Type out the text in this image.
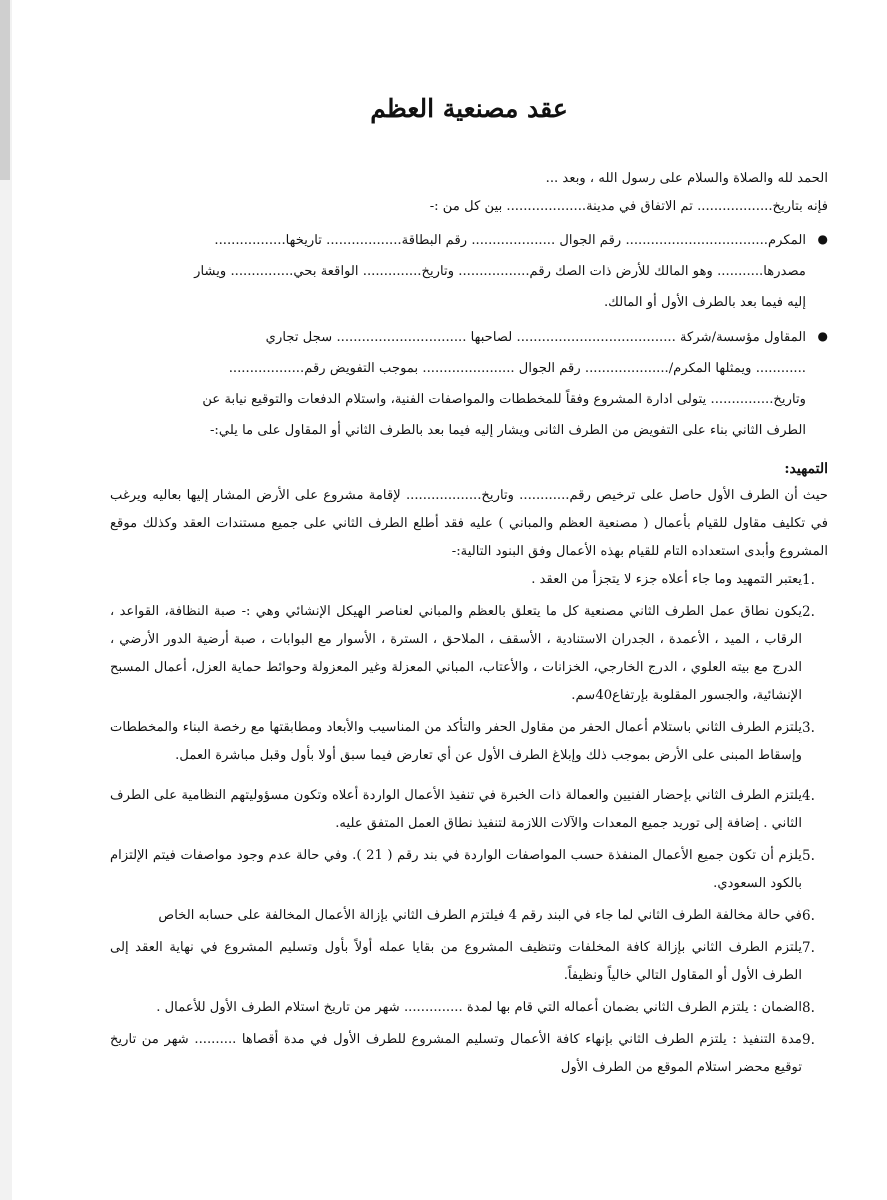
عقد مصنعية العظم

الحمد لله والصلاة والسلام على رسول الله ، وبعد ...

فإنه بتاريخ.................. تم الاتفاق في مدينة................... بين كل من :-

●
المكرم.................................. رقم الجوال .................... رقم البطاقة.................. تاريخها.................
مصدرها........... وهو المالك للأرض ذات الصك رقم................. وتاريخ.............. الواقعة بحي............... ويشار
إليه فيما بعد بالطرف الأول أو المالك.
●
المقاول مؤسسة/شركة ...................................... لصاحبها ............................... سجل تجاري
............ ويمثلها المكرم/.................... رقم الجوال ...................... بموجب التفويض رقم..................
وتاريخ............... يتولى ادارة المشروع وفقاً للمخططات والمواصفات الفنية، واستلام الدفعات والتوقيع نيابة عن
الطرف الثاني بناء على التفويض من الطرف الثانى ويشار إليه فيما بعد بالطرف الثاني أو المقاول على ما يلي:-
التمهيد:

حيث أن الطرف الأول حاصل على ترخيص رقم............ وتاريخ.................. لإقامة مشروع على الأرض المشار إليها بعاليه ويرغب في تكليف مقاول للقيام بأعمال ( مصنعية العظم والمباني ) عليه فقد أطلع الطرف الثاني على جميع مستندات العقد وكذلك موقع المشروع وأبدى استعداده التام للقيام بهذه الأعمال وفق البنود التالية:-

1.
يعتبر التمهيد وما جاء أعلاه جزء لا يتجزأ من العقد .
2.
يكون نطاق عمل الطرف الثاني مصنعية كل ما يتعلق بالعظم والمباني لعناصر الهيكل الإنشائي وهي :- صبة النظافة، القواعد ، الرقاب ، الميد ، الأعمدة ، الجدران الاستنادية ، الأسقف ، الملاحق ، السترة ، الأسوار مع البوابات ، صبة أرضية الدور الأرضي ، الدرج مع بيته العلوي ، الدرج الخارجي، الخزانات ، والأعتاب، المباني المعزلة وغير المعزولة وحوائط حماية العزل، أعمال المسبح الإنشائية، والجسور المقلوبة بإرتفاع40سم.
3.
يلتزم الطرف الثاني باستلام أعمال الحفر من مقاول الحفر والتأكد من المناسيب والأبعاد ومطابقتها مع رخصة البناء والمخططات وإسقاط المبنى على الأرض بموجب ذلك وإبلاغ الطرف الأول عن أي تعارض فيما سبق أولا بأول وقبل مباشرة العمل.
4.
يلتزم الطرف الثاني بإحضار الفنيين والعمالة ذات الخبرة في تنفيذ الأعمال الواردة أعلاه وتكون مسؤوليتهم النظامية على الطرف الثاني . إضافة إلى توريد جميع المعدات والآلات اللازمة لتنفيذ نطاق العمل المتفق عليه.
5.
يلزم أن تكون جميع الأعمال المنفذة حسب المواصفات الواردة في بند رقم ( 21 ). وفي حالة عدم وجود مواصفات فيتم الإلتزام بالكود السعودي.
6.
في حالة مخالفة الطرف الثاني لما جاء في البند رقم 4 فيلتزم الطرف الثاني بإزالة الأعمال المخالفة على حسابه الخاص
7.
يلتزم الطرف الثاني بإزالة كافة المخلفات وتنظيف المشروع من بقايا عمله أولاً بأول وتسليم المشروع في نهاية العقد إلى الطرف الأول أو المقاول التالي خالياً ونظيفاً.
8.
الضمان : يلتزم الطرف الثاني بضمان أعماله التي قام بها لمدة .............. شهر من تاريخ استلام الطرف الأول للأعمال .
9.
مدة التنفيذ : يلتزم الطرف الثاني بإنهاء كافة الأعمال وتسليم المشروع للطرف الأول في مدة أقصاها .......... شهر من تاريخ توقيع محضر استلام الموقع من الطرف الأول
